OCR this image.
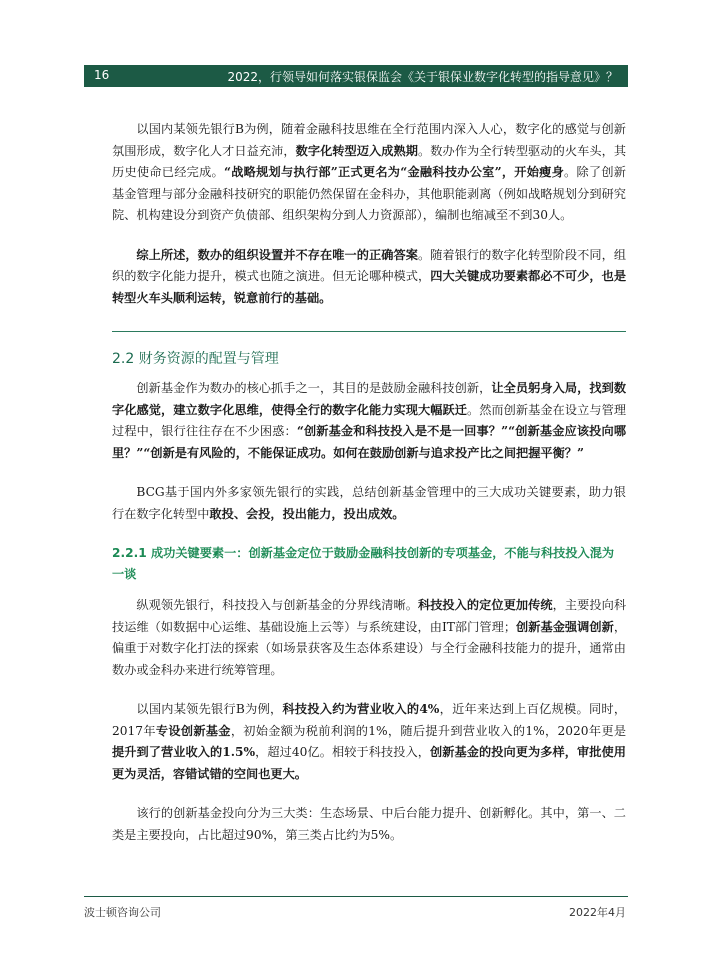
16	2022，行领导如何落实银保监会《关于银保业数字化转型的指导意见》？

以国内某领先银行B为例，随着金融科技思维在全行范围内深入人心，数字化的感觉与创新氛围形成，数字化人才日益充沛，数字化转型迈入成熟期。数办作为全行转型驱动的火车头，其历史使命已经完成。“战略规划与执行部”正式更名为“金融科技办公室”，开始瘦身。除了创新基金管理与部分金融科技研究的职能仍然保留在金科办，其他职能剥离（例如战略规划分到研究院、机构建设分到资产负债部、组织架构分到人力资源部），编制也缩减至不到30人。

综上所述，数办的组织设置并不存在唯一的正确答案。随着银行的数字化转型阶段不同，组织的数字化能力提升，模式也随之演进。但无论哪种模式，四大关键成功要素都必不可少，也是转型火车头顺利运转，锐意前行的基础。

2.2 财务资源的配置与管理

创新基金作为数办的核心抓手之一，其目的是鼓励金融科技创新，让全员躬身入局，找到数字化感觉，建立数字化思维，使得全行的数字化能力实现大幅跃迁。然而创新基金在设立与管理过程中，银行往往存在不少困惑：“创新基金和科技投入是不是一回事？”“创新基金应该投向哪里？”“创新是有风险的，不能保证成功。如何在鼓励创新与追求投产比之间把握平衡？”

BCG基于国内外多家领先银行的实践，总结创新基金管理中的三大成功关键要素，助力银行在数字化转型中敢投、会投，投出能力，投出成效。

2.2.1 成功关键要素一：创新基金定位于鼓励金融科技创新的专项基金，不能与科技投入混为一谈

纵观领先银行，科技投入与创新基金的分界线清晰。科技投入的定位更加传统，主要投向科技运维（如数据中心运维、基础设施上云等）与系统建设，由IT部门管理；创新基金强调创新，偏重于对数字化打法的探索（如场景获客及生态体系建设）与全行金融科技能力的提升，通常由数办或金科办来进行统筹管理。

以国内某领先银行B为例，科技投入约为营业收入的4%，近年来达到上百亿规模。同时，2017年专设创新基金，初始金额为税前利润的1%，随后提升到营业收入的1%，2020年更是提升到了营业收入的1.5%，超过40亿。相较于科技投入，创新基金的投向更为多样，审批使用更为灵活，容错试错的空间也更大。

该行的创新基金投向分为三大类：生态场景、中后台能力提升、创新孵化。其中，第一、二类是主要投向，占比超过90%，第三类占比约为5%。

波士顿咨询公司	2022年4月
